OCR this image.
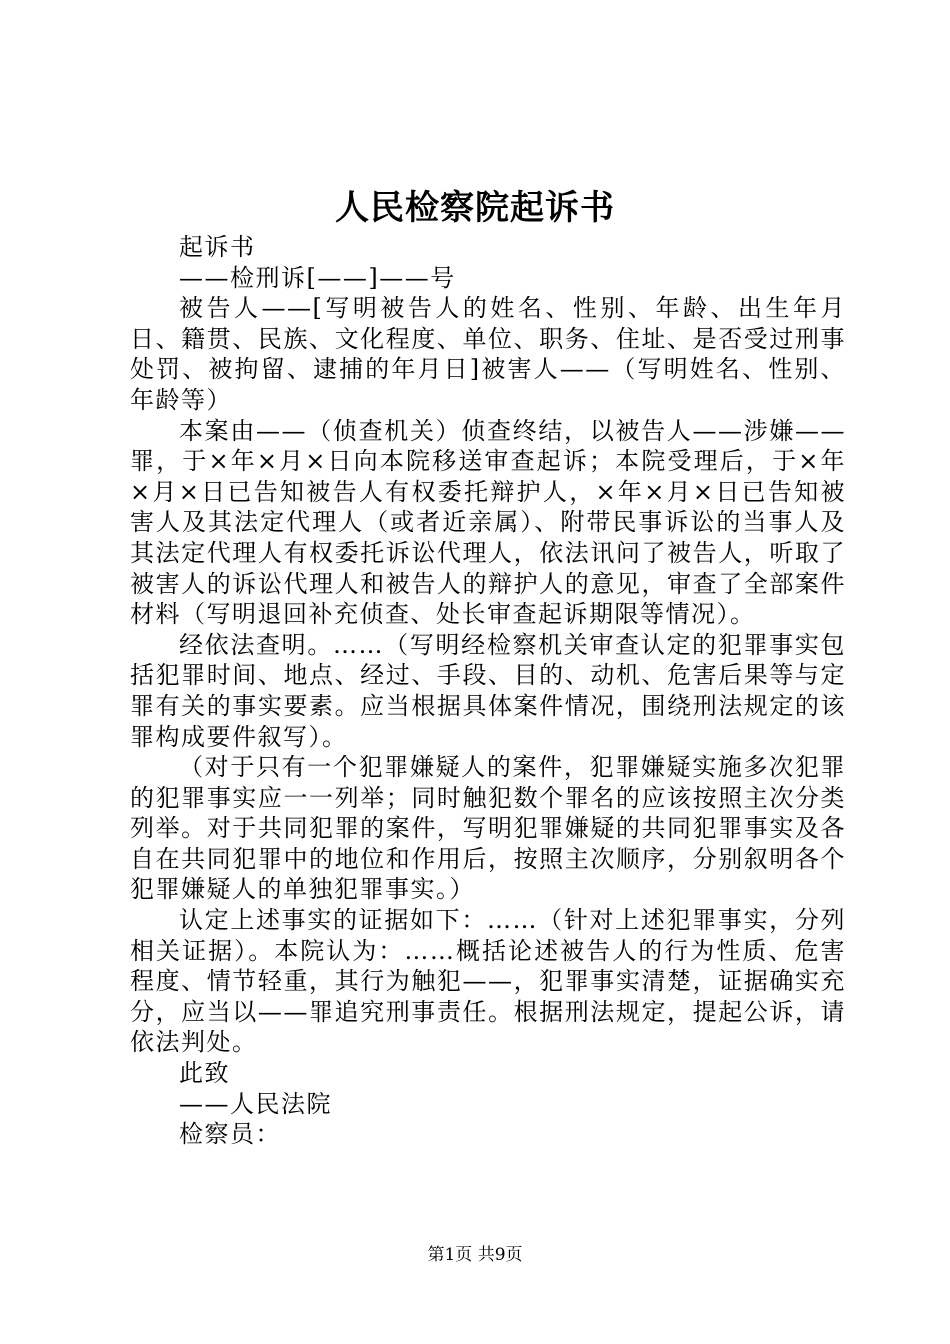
人民检察院起诉书

起诉书

——检刑诉[——]——号

被告人——[写明被告人的姓名、性别、年龄、出生年月日、籍贯、民族、文化程度、单位、职务、住址、是否受过刑事处罚、被拘留、逮捕的年月日]被害人——（写明姓名、性别、年龄等）

本案由——（侦查机关）侦查终结，以被告人——涉嫌——罪，于×年×月×日向本院移送审查起诉；本院受理后，于×年×月×日已告知被告人有权委托辩护人，×年×月×日已告知被害人及其法定代理人（或者近亲属）、附带民事诉讼的当事人及其法定代理人有权委托诉讼代理人，依法讯问了被告人，听取了被害人的诉讼代理人和被告人的辩护人的意见，审查了全部案件材料（写明退回补充侦查、处长审查起诉期限等情况）。

经依法查明。……（写明经检察机关审查认定的犯罪事实包括犯罪时间、地点、经过、手段、目的、动机、危害后果等与定罪有关的事实要素。应当根据具体案件情况，围绕刑法规定的该罪构成要件叙写）。

（对于只有一个犯罪嫌疑人的案件，犯罪嫌疑实施多次犯罪的犯罪事实应一一列举；同时触犯数个罪名的应该按照主次分类列举。对于共同犯罪的案件，写明犯罪嫌疑的共同犯罪事实及各自在共同犯罪中的地位和作用后，按照主次顺序，分别叙明各个犯罪嫌疑人的单独犯罪事实。）

认定上述事实的证据如下：……（针对上述犯罪事实，分列相关证据）。本院认为：……概括论述被告人的行为性质、危害程度、情节轻重，其行为触犯——，犯罪事实清楚，证据确实充分，应当以——罪追究刑事责任。根据刑法规定，提起公诉，请依法判处。

此致

——人民法院

检察员：

第1页 共9页
